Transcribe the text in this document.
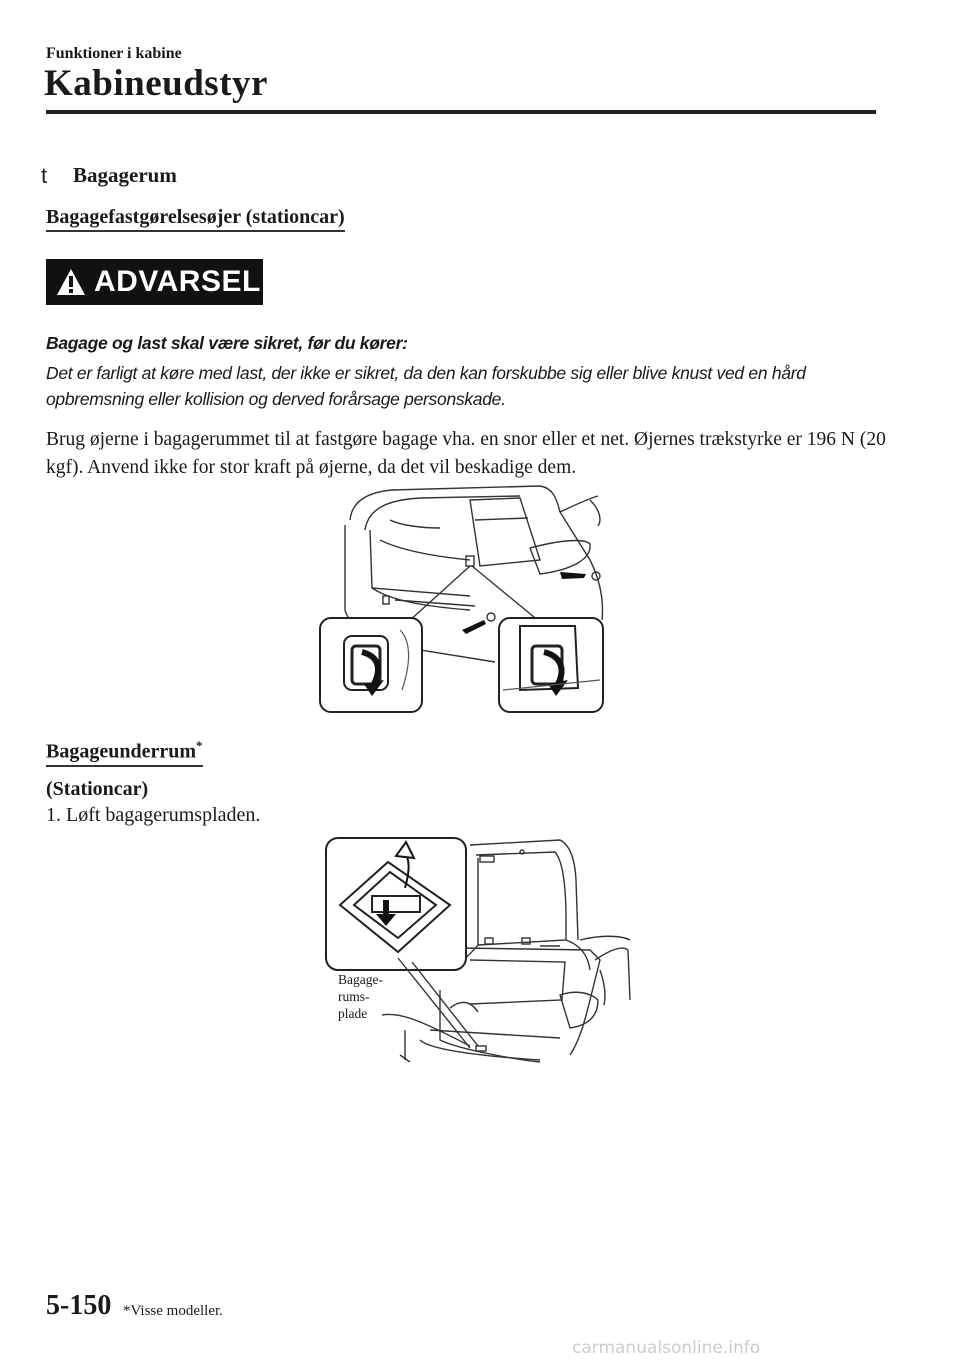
Funktioner i kabine
Kabineudstyr
t Bagagerum
Bagagefastgørelsesøjer (stationcar)
ADVARSEL
Bagage og last skal være sikret, før du kører:
Det er farligt at køre med last, der ikke er sikret, da den kan forskubbe sig eller blive knust ved en hård opbremsning eller kollision og derved forårsage personskade.
Brug øjerne i bagagerummet til at fastgøre bagage vha. en snor eller et net. Øjernes trækstyrke er 196 N (20 kgf). Anvend ikke for stor kraft på øjerne, da det vil beskadige dem.
Bagageunderrum*
(Stationcar)
1. Løft bagagerumspladen.
Bagage-
rums-
plade
5-150 *Visse modeller.
carmanualsonline.info
